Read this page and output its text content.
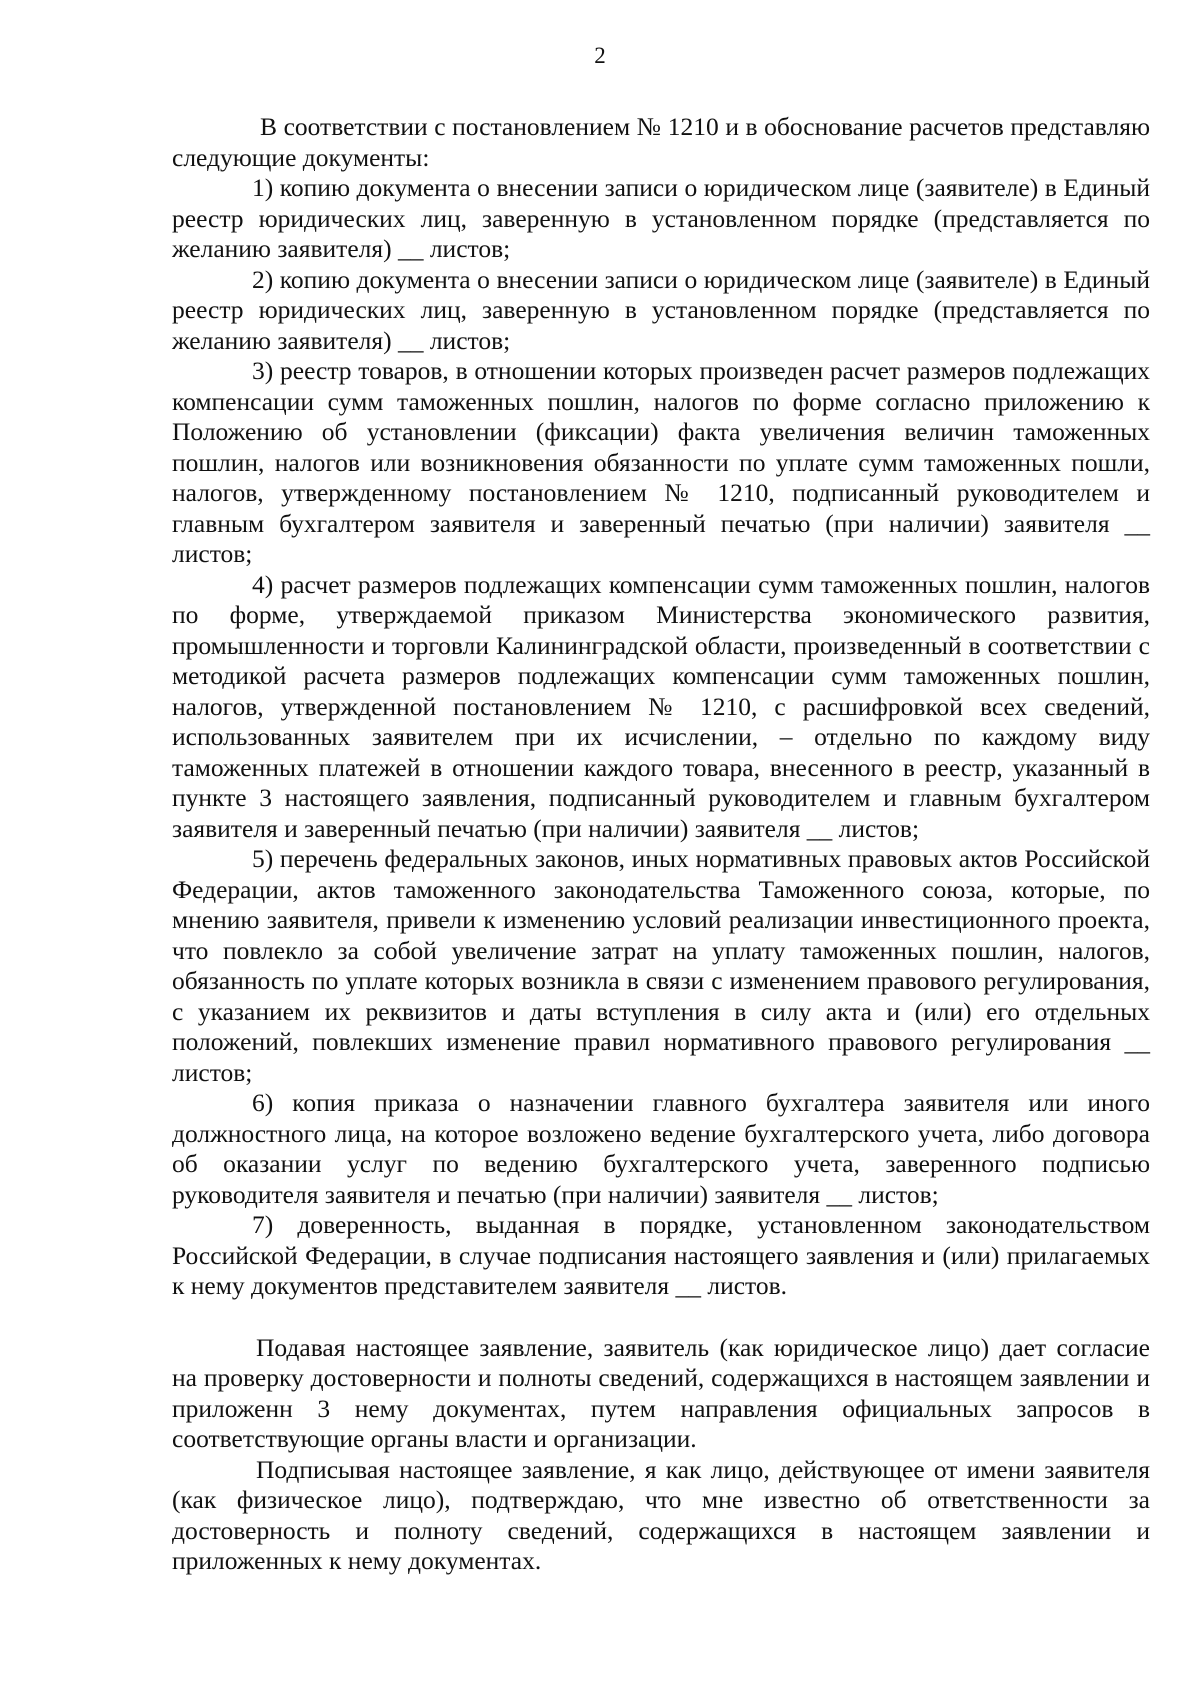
2

В соответствии с постановлением № 1210 и в обоснование расчетов представляю следующие документы:

1) копию документа о внесении записи о юридическом лице (заявителе) в Единый реестр юридических лиц, заверенную в установленном порядке (представляется по желанию заявителя) __ листов;

2) копию документа о внесении записи о юридическом лице (заявителе) в Единый реестр юридических лиц, заверенную в установленном порядке (представляется по желанию заявителя) __ листов;

3) реестр товаров, в отношении которых произведен расчет размеров подлежащих компенсации сумм таможенных пошлин, налогов по форме согласно приложению к Положению об установлении (фиксации) факта увеличения величин таможенных пошлин, налогов или возникновения обязанности по уплате сумм таможенных пошли, налогов, утвержденному постановлением № 1210, подписанный руководителем и главным бухгалтером заявителя и заверенный печатью (при наличии) заявителя __ листов;

4) расчет размеров подлежащих компенсации сумм таможенных пошлин, налогов по форме, утверждаемой приказом Министерства экономического развития, промышленности и торговли Калининградской области, произведенный в соответствии с методикой расчета размеров подлежащих компенсации сумм таможенных пошлин, налогов, утвержденной постановлением № 1210, с расшифровкой всех сведений, использованных заявителем при их исчислении, – отдельно по каждому виду таможенных платежей в отношении каждого товара, внесенного в реестр, указанный в пункте 3 настоящего заявления, подписанный руководителем и главным бухгалтером заявителя и заверенный печатью (при наличии) заявителя __ листов;

5) перечень федеральных законов, иных нормативных правовых актов Российской Федерации, актов таможенного законодательства Таможенного союза, которые, по мнению заявителя, привели к изменению условий реализации инвестиционного проекта, что повлекло за собой увеличение затрат на уплату таможенных пошлин, налогов, обязанность по уплате которых возникла в связи с изменением правового регулирования, с указанием их реквизитов и даты вступления в силу акта и (или) его отдельных положений, повлекших изменение правил нормативного правового регулирования __ листов;

6) копия приказа о назначении главного бухгалтера заявителя или иного должностного лица, на которое возложено ведение бухгалтерского учета, либо договора об оказании услуг по ведению бухгалтерского учета, заверенного подписью руководителя заявителя и печатью (при наличии) заявителя __ листов;

7) доверенность, выданная в порядке, установленном законодательством Российской Федерации, в случае подписания настоящего заявления и (или) прилагаемых к нему документов представителем заявителя __ листов.

Подавая настоящее заявление, заявитель (как юридическое лицо) дает согласие на проверку достоверности и полноты сведений, содержащихся в настоящем заявлении и приложенн 3 нему документах, путем направления официальных запросов в соответствующие органы власти и организации.

Подписывая настоящее заявление, я как лицо, действующее от имени заявителя (как физическое лицо), подтверждаю, что мне известно об ответственности за достоверность и полноту сведений, содержащихся в настоящем заявлении и приложенных к нему документах.
